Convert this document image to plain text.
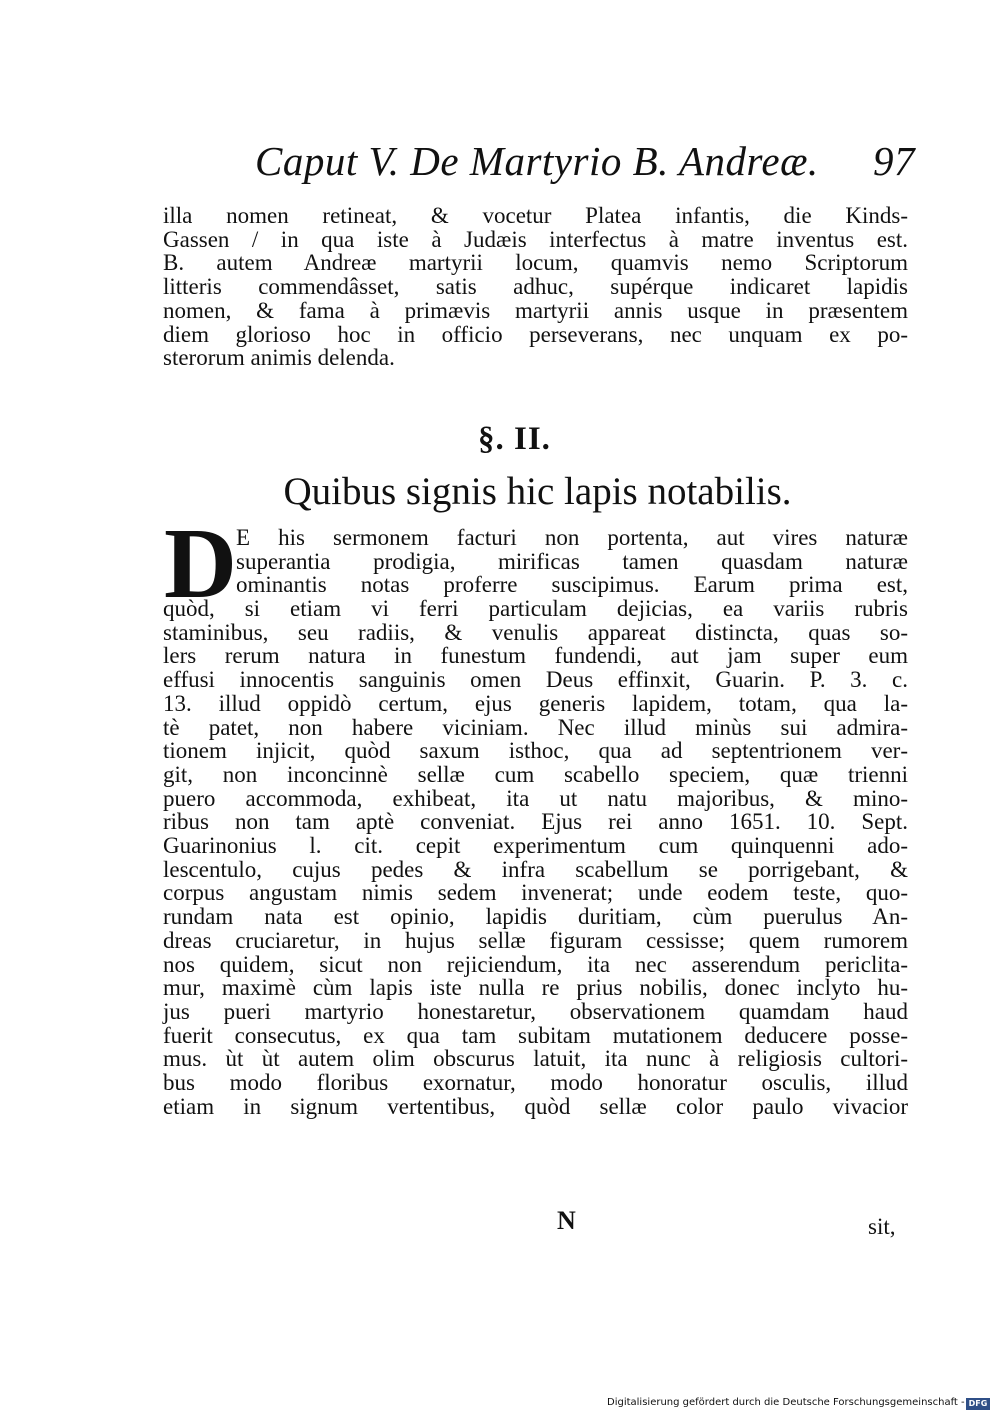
Caput V. De Martyrio B. Andreæ. 97
illa nomen retineat, & vocetur Platea infantis, die Kinds‑
Gassen / in qua iste à Judæis interfectus à matre inventus est.
B. autem Andreæ martyrii locum, quamvis nemo Scriptorum
litteris commendâsset, satis adhuc, supérque indicaret lapidis
nomen, & fama à primævis martyrii annis usque in præsentem
diem glorioso hoc in officio perseverans, nec unquam ex po‑
sterorum animis delenda.
§. II.
Quibus signis hic lapis notabilis.
D E his sermonem facturi non portenta, aut vires naturæ
superantia prodigia, mirificas tamen quasdam naturæ
ominantis notas proferre suscipimus. Earum prima est,
quòd, si etiam vi ferri particulam dejicias, ea variis rubris
staminibus, seu radiis, & venulis appareat distincta, quas so‑
lers rerum natura in funestum fundendi, aut jam super eum
effusi innocentis sanguinis omen Deus effinxit, Guarin. P. 3. c.
13. illud oppidò certum, ejus generis lapidem, totam, qua la‑
tè patet, non habere viciniam. Nec illud minùs sui admira‑
tionem injicit, quòd saxum isthoc, qua ad septentrionem ver‑
git, non inconcinnè sellæ cum scabello speciem, quæ trienni
puero accommoda, exhibeat, ita ut natu majoribus, & mino‑
ribus non tam aptè conveniat. Ejus rei anno 1651. 10. Sept.
Guarinonius l. cit. cepit experimentum cum quinquenni ado‑
lescentulo, cujus pedes & infra scabellum se porrigebant, &
corpus angustam nimis sedem invenerat; unde eodem teste, quo‑
rundam nata est opinio, lapidis duritiam, cùm puerulus An‑
dreas cruciaretur, in hujus sellæ figuram cessisse; quem rumorem
nos quidem, sicut non rejiciendum, ita nec asserendum periclita‑
mur, maximè cùm lapis iste nulla re prius nobilis, donec inclyto hu‑
jus pueri martyrio honestaretur, observationem quamdam haud
fuerit consecutus, ex qua tam subitam mutationem deducere posse‑
mus. ùt ùt autem olim obscurus latuit, ita nunc à religiosis cultori‑
bus modo floribus exornatur, modo honoratur osculis, illud
etiam in signum vertentibus, quòd sellæ color paulo vivacior
N	sit,
Digitalisierung gefördert durch die Deutsche Forschungsgemeinschaft - DFG
